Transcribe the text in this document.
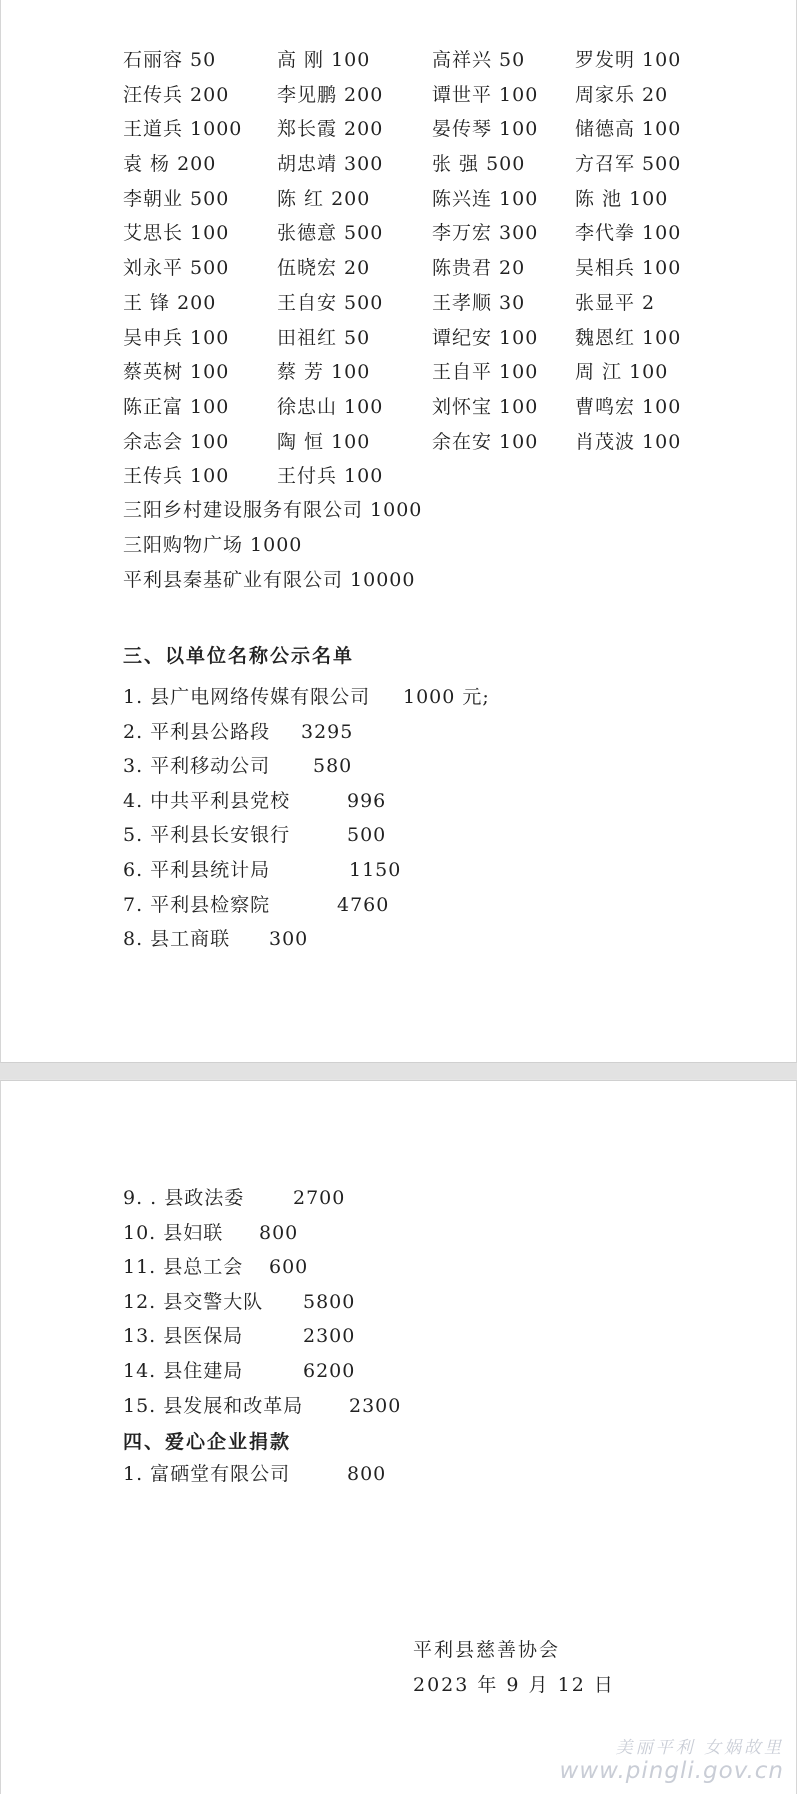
石丽容 50	高 刚 100	高祥兴 50	罗发明 100
汪传兵 200	李见鹏 200	谭世平 100	周家乐 20
王道兵 1000	郑长霞 200	晏传琴 100	储德高 100
袁 杨 200	胡忠靖 300	张 强 500	方召军 500
李朝业 500	陈 红 200	陈兴连 100	陈 池 100
艾思长 100	张德意 500	李万宏 300	李代拳 100
刘永平 500	伍晓宏 20	陈贵君 20	吴相兵 100
王 锋 200	王自安 500	王孝顺 30	张显平 2
吴申兵 100	田祖红 50	谭纪安 100	魏恩红 100
蔡英树 100	蔡 芳 100	王自平 100	周 江 100
陈正富 100	徐忠山 100	刘怀宝 100	曹鸣宏 100
余志会 100	陶 恒 100	余在安 100	肖茂波 100
王传兵 100	王付兵 100
三阳乡村建设服务有限公司 1000
三阳购物广场 1000
平利县秦基矿业有限公司 10000
三、以单位名称公示名单
1. 县广电网络传媒有限公司 1000 元;
2. 平利县公路段 3295
3. 平利移动公司 580
4. 中共平利县党校	996
5. 平利县长安银行	500
6. 平利县统计局	1150
7. 平利县检察院	4760
8. 县工商联 300
9. . 县政法委	2700
10. 县妇联 800
11. 县总工会 600
12. 县交警大队 5800
13. 县医保局	2300
14. 县住建局	6200
15. 县发展和改革局 2300
四、爱心企业捐款
1. 富硒堂有限公司	800
平利县慈善协会
2023 年 9 月 12 日
美丽平利 女娲故里
www.pingli.gov.cn
